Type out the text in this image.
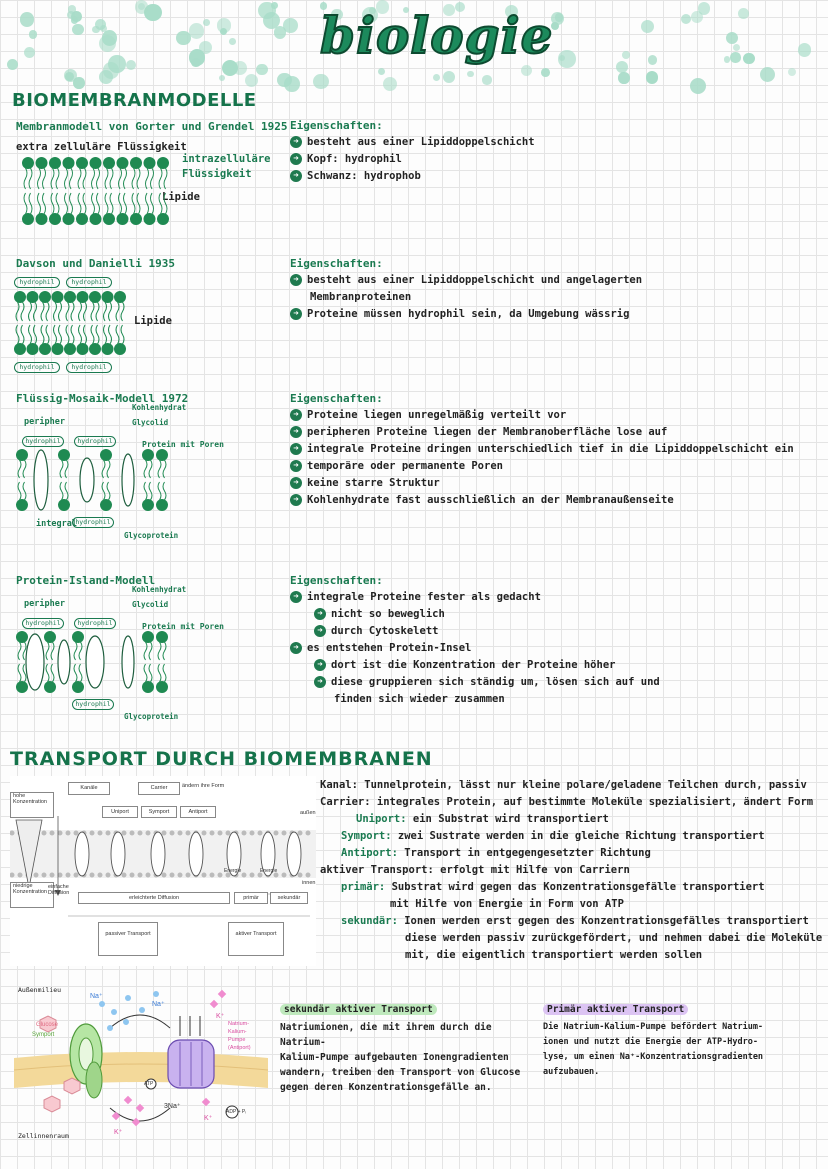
biologie
BIOMEMBRANMODELLE
Membranmodell von Gorter und Grendel 1925
extra zelluläre Flüssigkeit
intrazelluläre
Flüssigkeit
Lipide
Eigenschaften:
➜ besteht aus einer Lipiddoppelschicht
➜ Kopf: hydrophil
➜ Schwanz: hydrophob
Davson und Danielli 1935
hydrophil	hydrophil
hydrophil	hydrophil
Lipide
Eigenschaften:
➜ besteht aus einer Lipiddoppelschicht und angelagerten
Membranproteinen
➜ Proteine müssen hydrophil sein, da Umgebung wässrig
Flüssig-Mosaik-Modell 1972
peripher
Kohlenhydrat
Glycolid
Protein mit Poren
integral
Glycoprotein
hydrophil	hydrophil
hydrophil
Eigenschaften:
➜ Proteine liegen unregelmäßig verteilt vor
➜ peripheren Proteine liegen der Membranoberfläche lose auf
➜ integrale Proteine dringen unterschiedlich tief in die Lipiddoppelschicht ein
➜ temporäre oder permanente Poren
➜ keine starre Struktur
➜ Kohlenhydrate fast ausschließlich an der Membranaußenseite
Protein-Island-Modell
peripher
Kohlenhydrat
Glycolid
Protein mit Poren
Glycoprotein
hydrophil	hydrophil
hydrophil
Eigenschaften:
➜ integrale Proteine fester als gedacht
➜ nicht so beweglich
➜ durch Cytoskelett
➜ es entstehen Protein-Insel
➜ dort ist die Konzentration der Proteine höher
➜ diese gruppieren sich ständig um, lösen sich auf und
finden sich wieder zusammen
TRANSPORT DURCH BIOMEMBRANEN
Kanäle	Carrier	ändern ihre Form
Uniport	Symport	Antiport
hohe Konzentration
niedrige Konzentration
einfache Diffusion
erleichterte Diffusion	primär	sekundär
passiver Transport	aktiver Transport
außen
innen
Energie	Energie
Kanal: Tunnelprotein, lässt nur kleine polare/geladene Teilchen durch, passiv
Carrier: integrales Protein, auf bestimmte Moleküle spezialisiert, ändert Form
Uniport: ein Substrat wird transportiert
Symport: zwei Sustrate werden in die gleiche Richtung transportiert
Antiport: Transport in entgegengesetzter Richtung
aktiver Transport: erfolgt mit Hilfe von Carriern
primär: Substrat wird gegen das Konzentrationsgefälle transportiert
mit Hilfe von Energie in Form von ATP
sekundär: Ionen werden erst gegen des Konzentrationsgefälles transportiert
diese werden passiv zurückgefördert, und nehmen dabei die Moleküle
mit, die eigentlich transportiert werden sollen
Außenmilieu
Zellinnenraum
Glucose
Symport
Na⁺
Na⁺
K⁺
K⁺
K⁺
3Na⁺
Natrium-
Kalium-
Pumpe
(Antiport)
ATP
ADP + Pᵢ
sekundär aktiver Transport
Natriumionen, die mit ihrem durch die Natrium-
Kalium-Pumpe aufgebauten Ionengradienten
wandern, treiben den Transport von Glucose
gegen deren Konzentrationsgefälle an.
Primär aktiver Transport
Die Natrium-Kalium-Pumpe befördert Natrium-
ionen und nutzt die Energie der ATP-Hydro-
lyse, um einen Na⁺-Konzentrationsgradienten
aufzubauen.
